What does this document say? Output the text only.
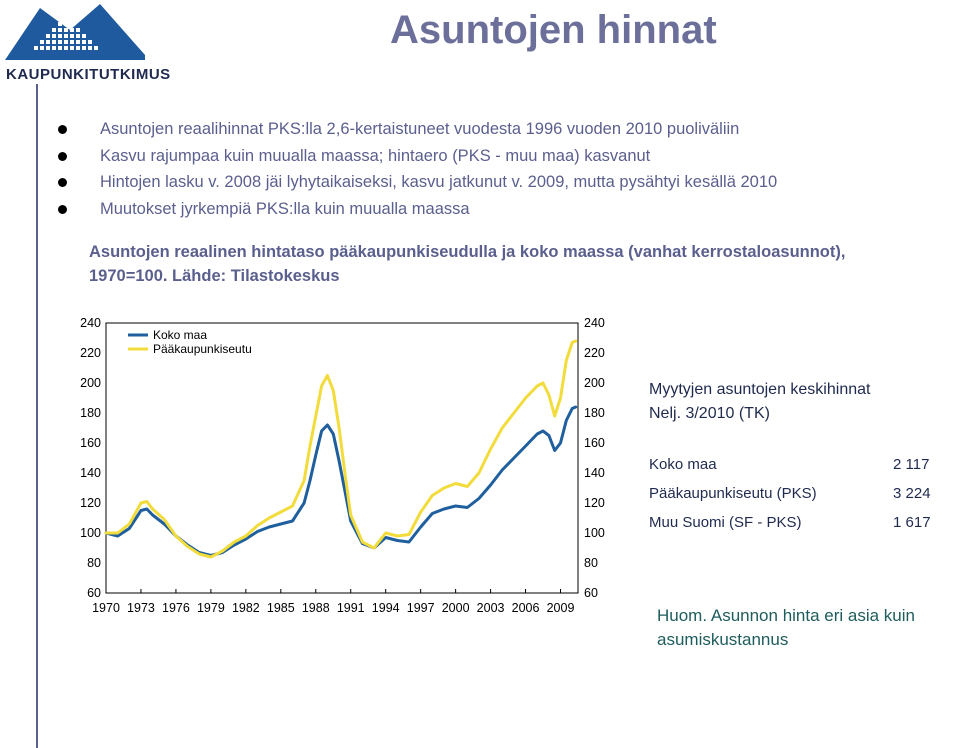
KAUPUNKITUTKIMUS
Asuntojen hinnat
Asuntojen reaalihinnat PKS:lla 2,6-kertaistuneet vuodesta 1996 vuoden 2010 puoliväliin
Kasvu rajumpaa kuin muualla maassa; hintaero (PKS - muu maa) kasvanut
Hintojen lasku v. 2008 jäi lyhytaikaiseksi, kasvu jatkunut v. 2009, mutta pysähtyi kesällä 2010
Muutokset jyrkempiä PKS:lla kuin muualla maassa
Asuntojen reaalinen hintataso pääkaupunkiseudulla ja koko maassa (vanhat kerrostaloasunnot), 1970=100. Lähde: Tilastokeskus
240	240
220	220
200	200
180	180
160	160
140	140
120	120
100	100
80	80
60	60
1970 1973 1976 1979 1982 1985 1988 1991 1994 1997 2000 2003 2006 2009
Koko maa
Pääkaupunkiseutu
Myytyjen asuntojen keskihinnat
Nelj. 3/2010 (TK)
Koko maa	2 117
Pääkaupunkiseutu (PKS)	3 224
Muu Suomi (SF - PKS)	1 617
Huom. Asunnon hinta eri asia kuin asumiskustannus
